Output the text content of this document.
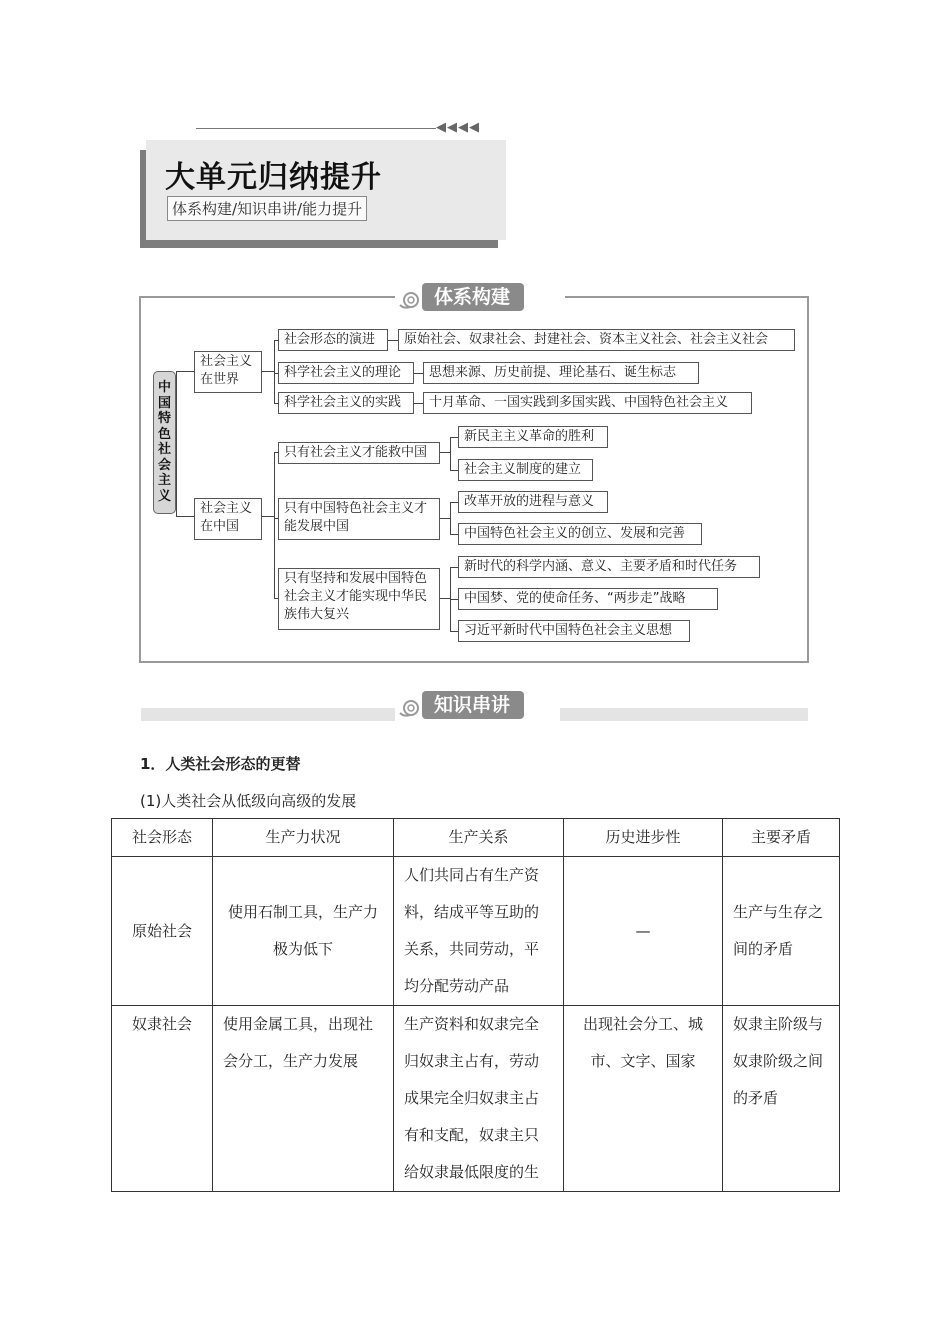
◀◀◀◀
大单元归纳提升
体系构建/知识串讲/能力提升
体系构建
中国特色社会主义
社会主义在世界
社会主义在中国
社会形态的演进	原始社会、奴隶社会、封建社会、资本主义社会、社会主义社会
科学社会主义的理论	思想来源、历史前提、理论基石、诞生标志
科学社会主义的实践	十月革命、一国实践到多国实践、中国特色社会主义
只有社会主义才能救中国
新民主主义革命的胜利
社会主义制度的建立
只有中国特色社会主义才能发展中国
改革开放的进程与意义
中国特色社会主义的创立、发展和完善
只有坚持和发展中国特色社会主义才能实现中华民族伟大复兴
新时代的科学内涵、意义、主要矛盾和时代任务
中国梦、党的使命任务、“两步走”战略
习近平新时代中国特色社会主义思想
知识串讲
1．人类社会形态的更替
(1)人类社会从低级向高级的发展
社会形态	生产力状况	生产关系	历史进步性	主要矛盾
原始社会	使用石制工具，生产力极为低下	人们共同占有生产资料，结成平等互助的关系，共同劳动，平均分配劳动产品	—	生产与生存之间的矛盾
奴隶社会	使用金属工具，出现社会分工，生产力发展	生产资料和奴隶完全归奴隶主占有，劳动成果完全归奴隶主占有和支配，奴隶主只给奴隶最低限度的生	出现社会分工、城市、文字、国家	奴隶主阶级与奴隶阶级之间的矛盾
